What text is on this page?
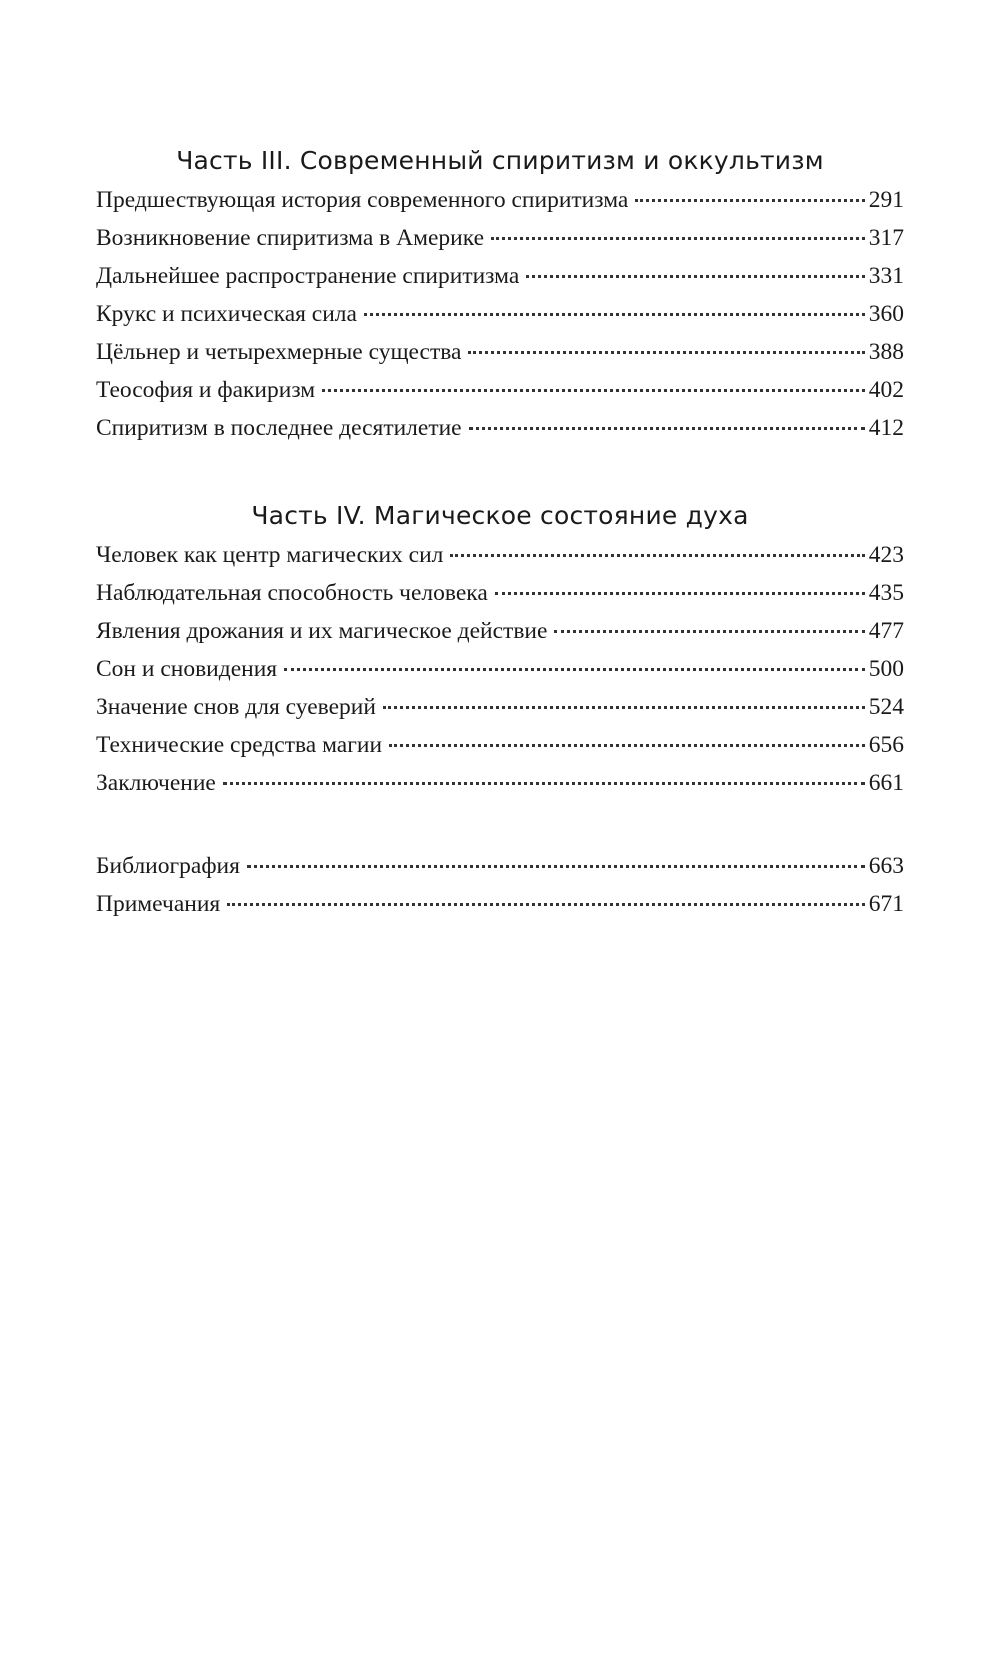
Часть III. Современный спиритизм и оккультизм
Предшествующая история современного спиритизма	291
Возникновение спиритизма в Америке	317
Дальнейшее распространение спиритизма	331
Крукс и психическая сила	360
Цёльнер и четырехмерные существа	388
Теософия и факиризм	402
Спиритизм в последнее десятилетие	412
Часть IV. Магическое состояние духа
Человек как центр магических сил	423
Наблюдательная способность человека	435
Явления дрожания и их магическое действие	477
Сон и сновидения	500
Значение снов для суеверий	524
Технические средства магии	656
Заключение	661
Библиография	663
Примечания	671
